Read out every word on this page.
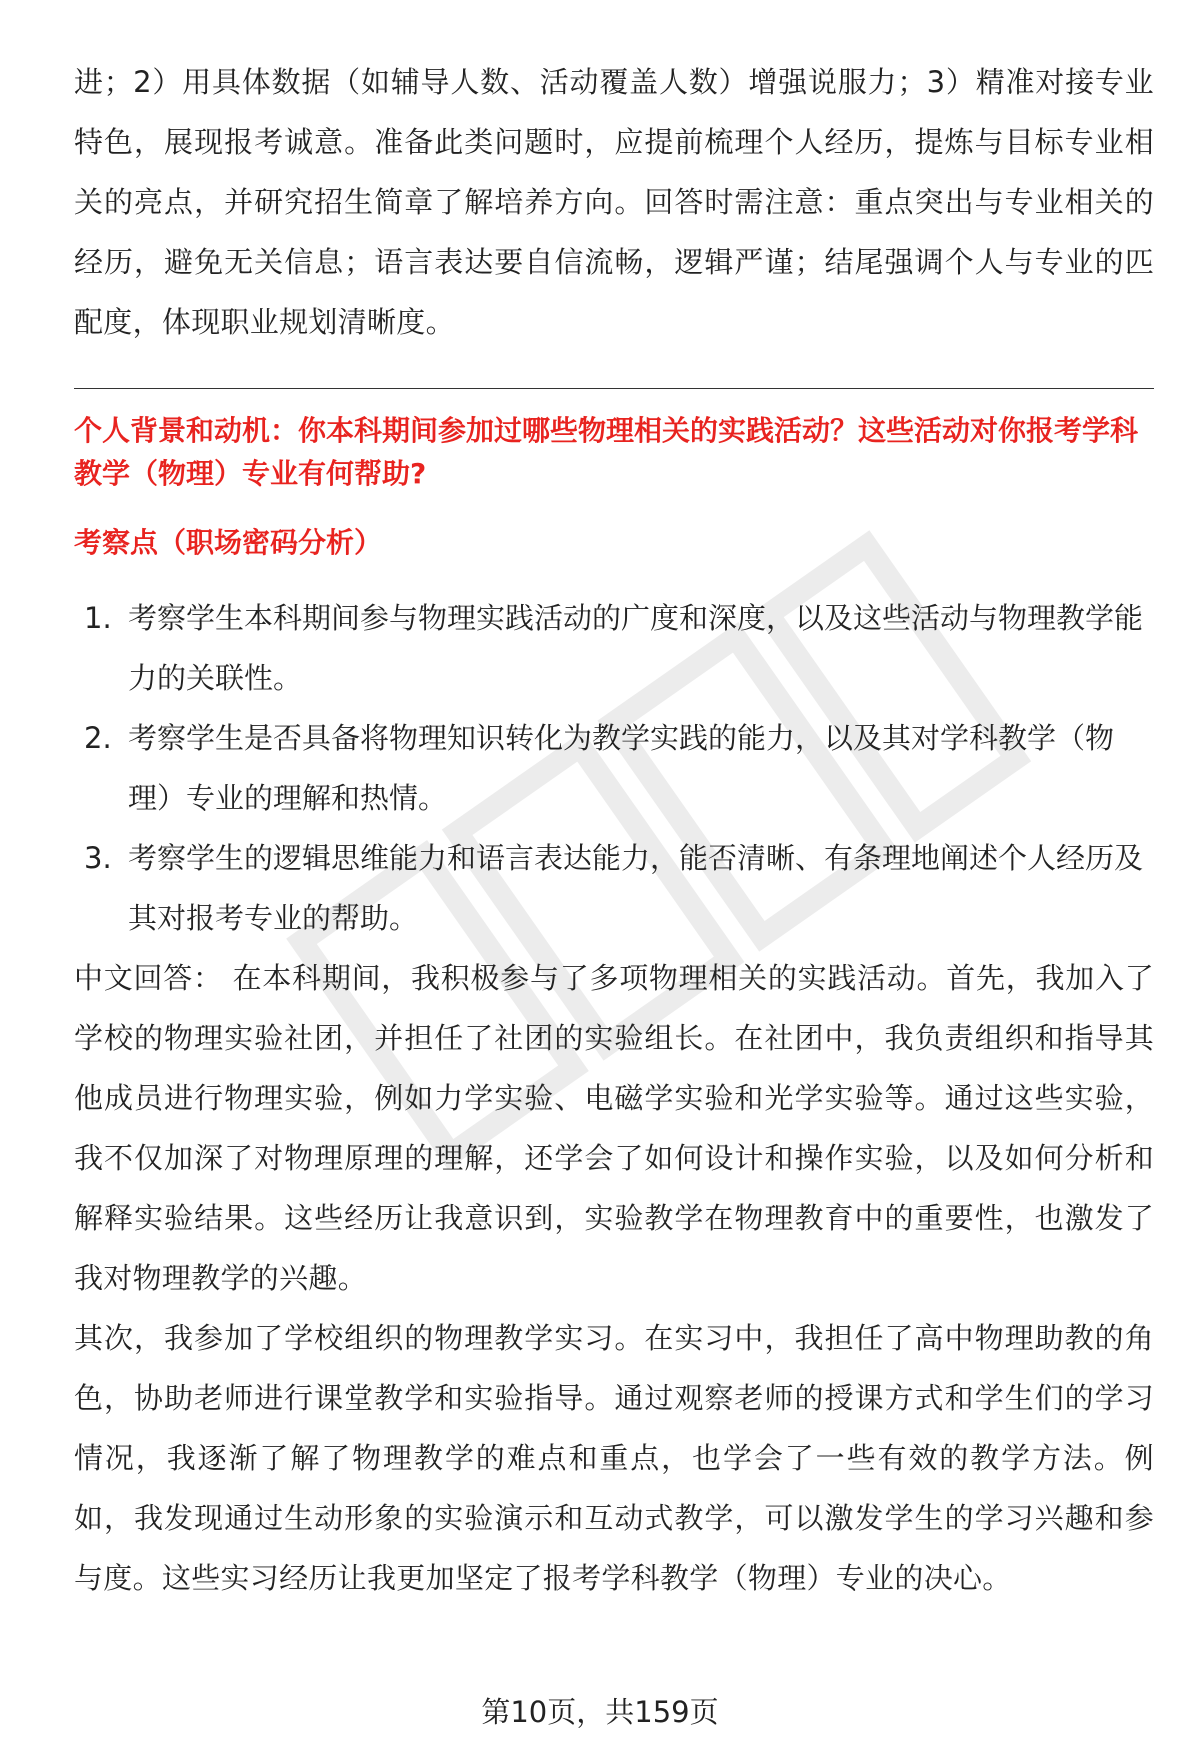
进；2）用具体数据（如辅导人数、活动覆盖人数）增强说服力；3）精准对接专业特色，展现报考诚意。准备此类问题时，应提前梳理个人经历，提炼与目标专业相关的亮点，并研究招生简章了解培养方向。回答时需注意：重点突出与专业相关的经历，避免无关信息；语言表达要自信流畅，逻辑严谨；结尾强调个人与专业的匹配度，体现职业规划清晰度。

个人背景和动机：你本科期间参加过哪些物理相关的实践活动？这些活动对你报考学科教学（物理）专业有何帮助?

考察点（职场密码分析）

1. 考察学生本科期间参与物理实践活动的广度和深度，以及这些活动与物理教学能力的关联性。
2. 考察学生是否具备将物理知识转化为教学实践的能力，以及其对学科教学（物理）专业的理解和热情。
3. 考察学生的逻辑思维能力和语言表达能力，能否清晰、有条理地阐述个人经历及其对报考专业的帮助。

中文回答： 在本科期间，我积极参与了多项物理相关的实践活动。首先，我加入了学校的物理实验社团，并担任了社团的实验组长。在社团中，我负责组织和指导其他成员进行物理实验，例如力学实验、电磁学实验和光学实验等。通过这些实验，我不仅加深了对物理原理的理解，还学会了如何设计和操作实验，以及如何分析和解释实验结果。这些经历让我意识到，实验教学在物理教育中的重要性，也激发了我对物理教学的兴趣。

其次，我参加了学校组织的物理教学实习。在实习中，我担任了高中物理助教的角色，协助老师进行课堂教学和实验指导。通过观察老师的授课方式和学生们的学习情况，我逐渐了解了物理教学的难点和重点，也学会了一些有效的教学方法。例如，我发现通过生动形象的实验演示和互动式教学，可以激发学生的学习兴趣和参与度。这些实习经历让我更加坚定了报考学科教学（物理）专业的决心。

第10页，共159页
